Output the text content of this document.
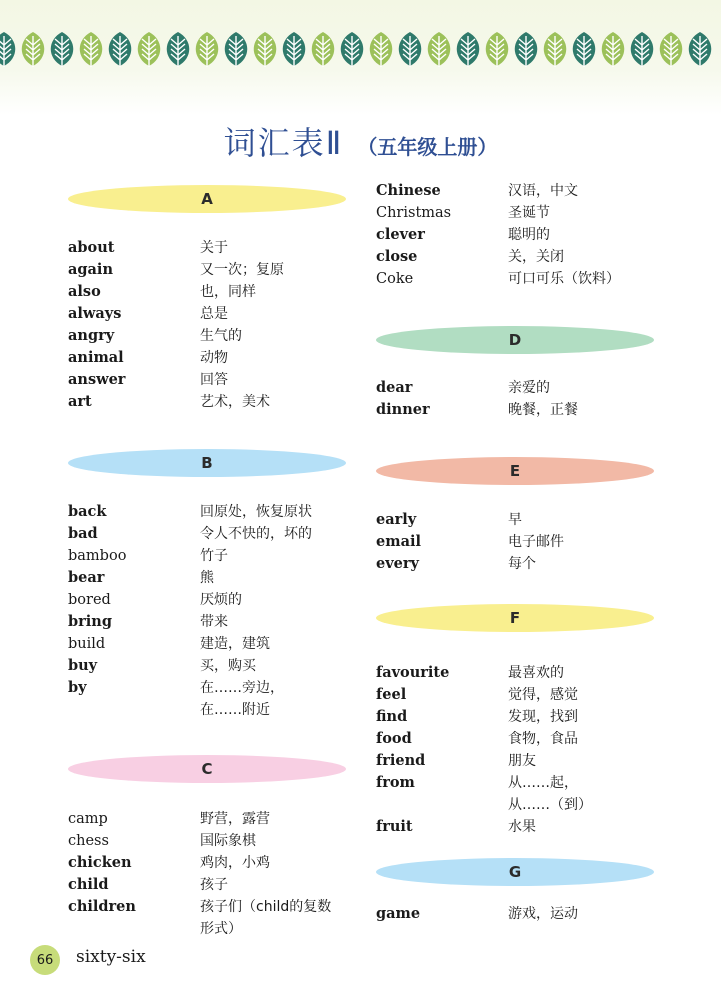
词汇表Ⅱ （五年级上册）
A
about	关于
again	又一次；复原
also	也，同样
always	总是
angry	生气的
animal	动物
answer	回答
art	艺术，美术
B
back	回原处，恢复原状
bad	令人不快的，坏的
bamboo	竹子
bear	熊
bored	厌烦的
bring	带来
build	建造，建筑
buy	买，购买
by	在……旁边，
在……附近
C
camp	野营，露营
chess	国际象棋
chicken	鸡肉，小鸡
child	孩子
children	孩子们（child的复数
形式）
Chinese	汉语，中文
Christmas	圣诞节
clever	聪明的
close	关，关闭
Coke	可口可乐（饮料）
D
dear	亲爱的
dinner	晚餐，正餐
E
early	早
email	电子邮件
every	每个
F
favourite	最喜欢的
feel	觉得，感觉
find	发现，找到
food	食物，食品
friend	朋友
from	从……起，
从……（到）
fruit	水果
G
game	游戏，运动
66 sixty-six
